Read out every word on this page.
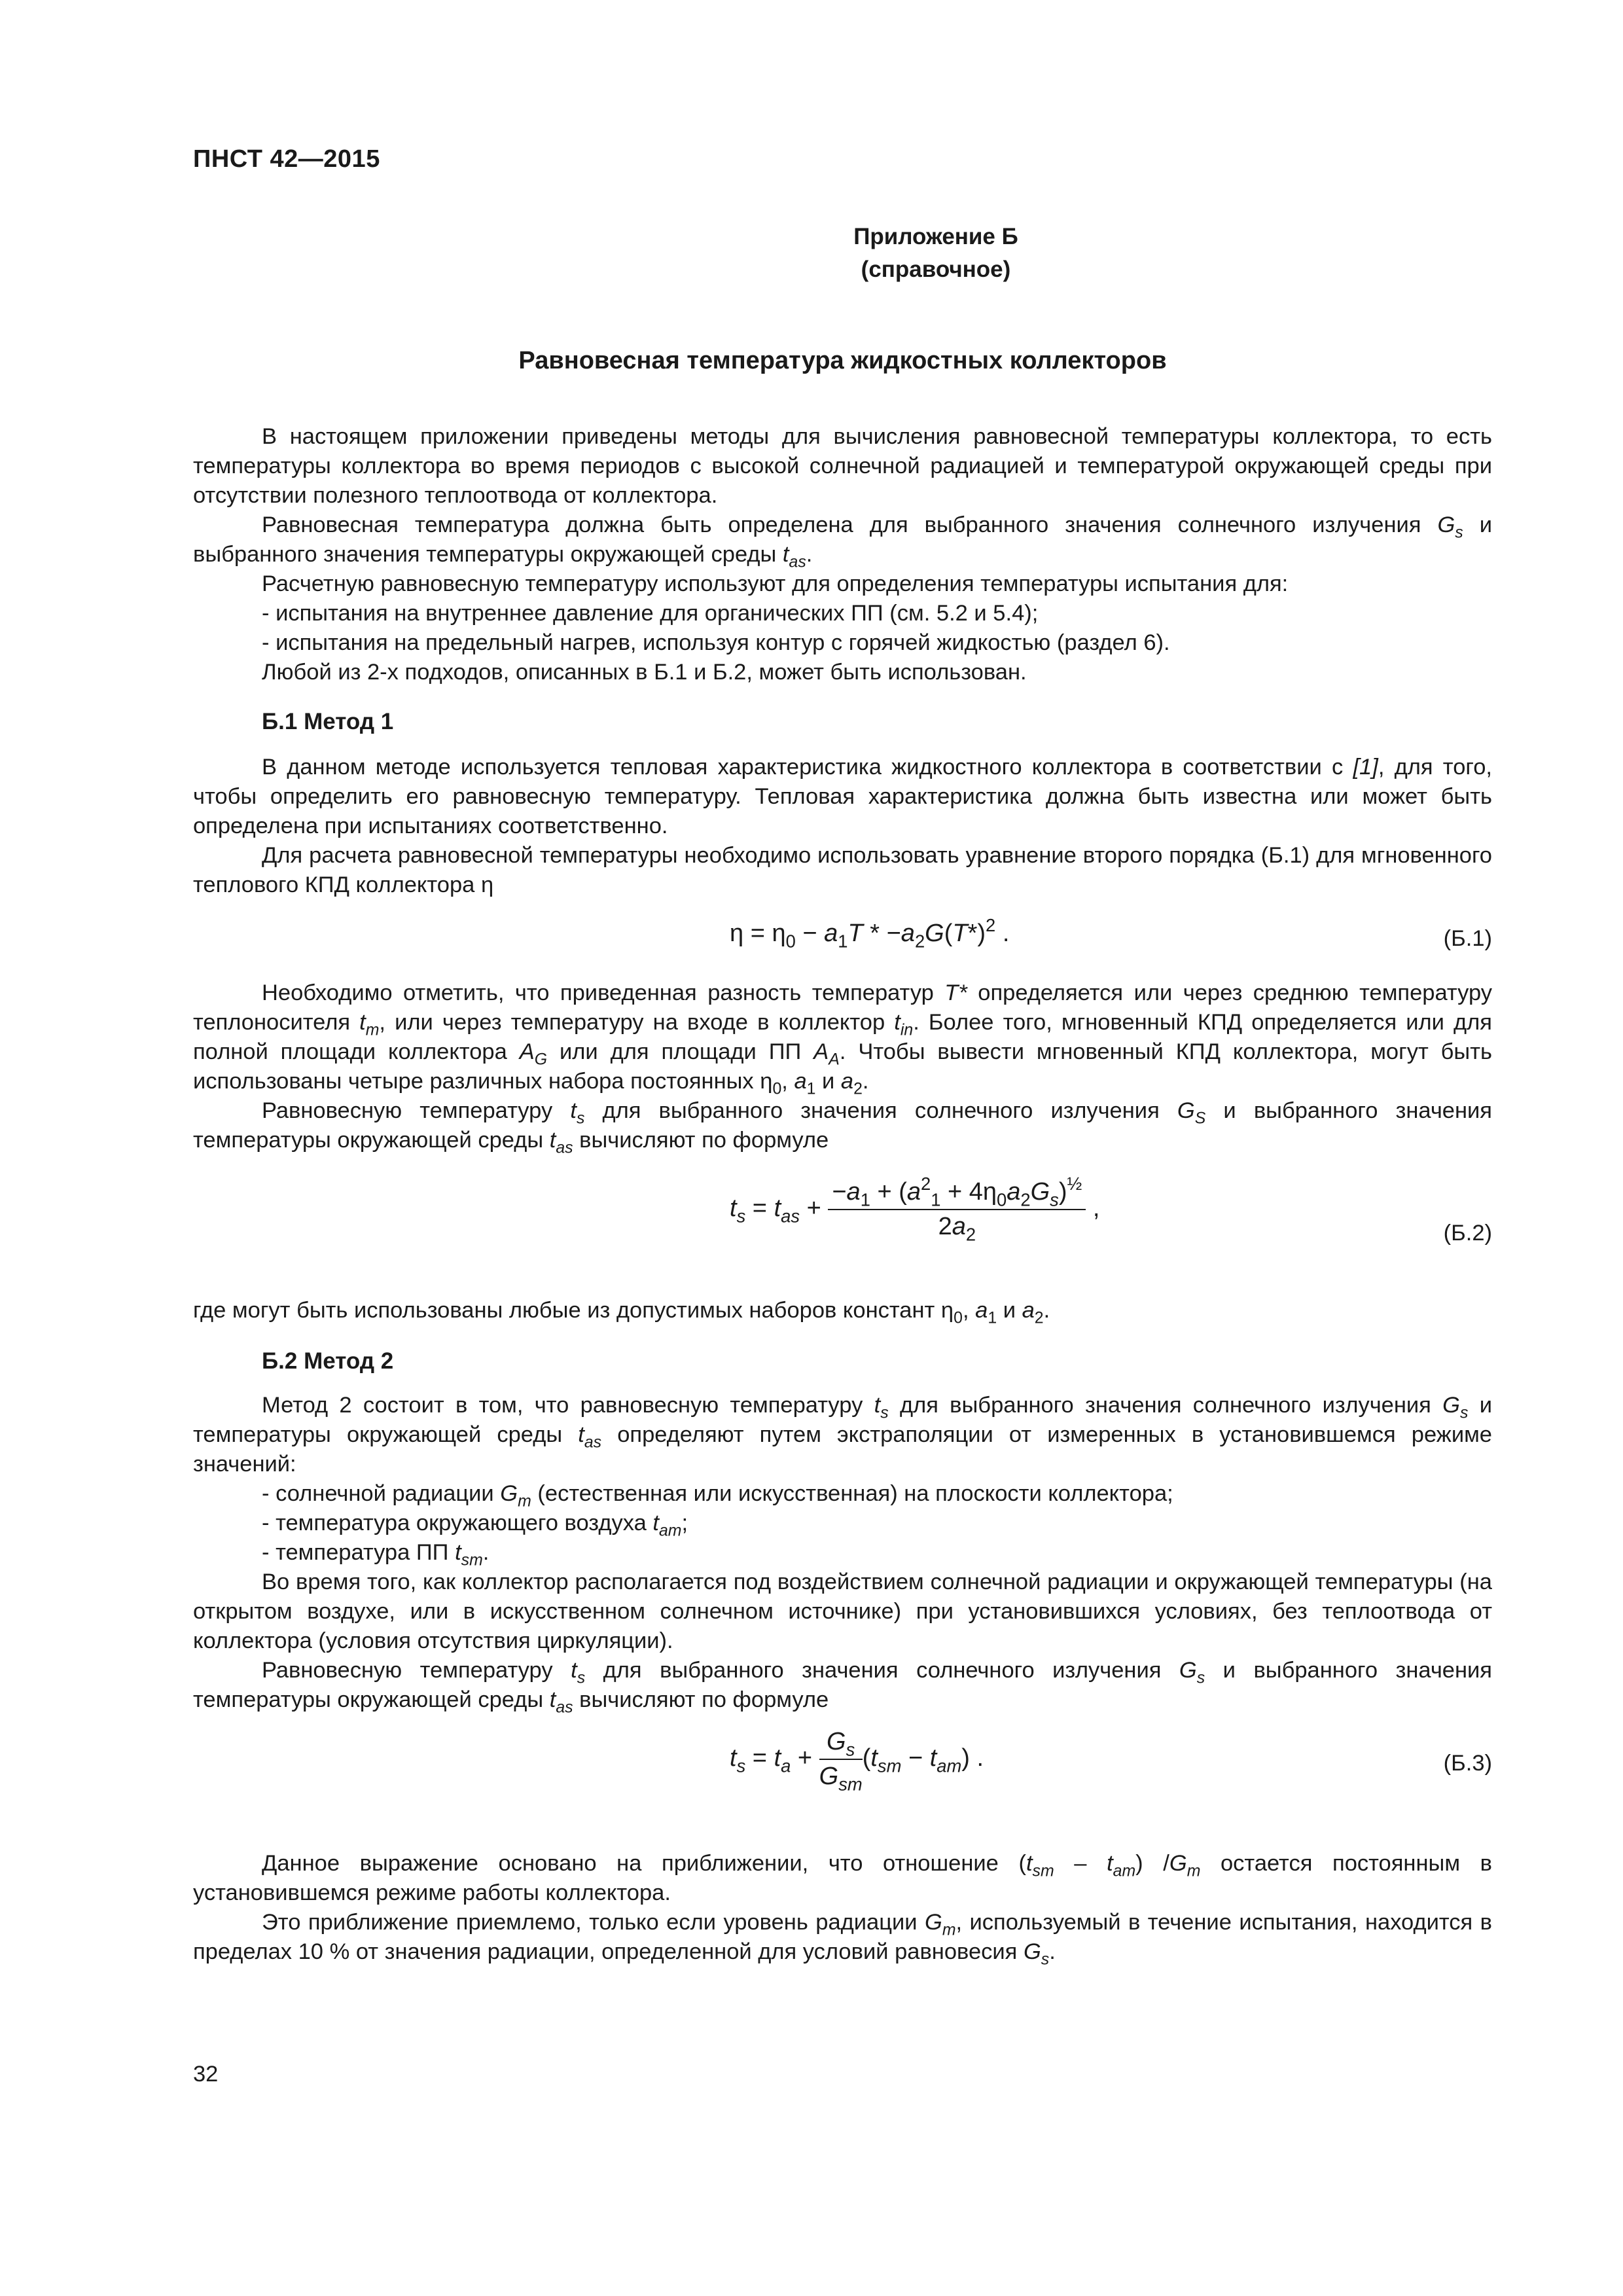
ПНСТ 42—2015
Приложение Б
(справочное)
Равновесная температура жидкостных коллекторов
В настоящем приложении приведены методы для вычисления равновесной температуры коллектора, то есть температуры коллектора во время периодов с высокой солнечной радиацией и температурой окружающей среды при отсутствии полезного теплоотвода от коллектора.
Равновесная температура должна быть определена для выбранного значения солнечного излучения $G_s$ и выбранного значения температуры окружающей среды $t_{as}$.
Расчетную равновесную температуру используют для определения температуры испытания для:
- испытания на внутреннее давление для органических ПП (см. 5.2 и 5.4);
- испытания на предельный нагрев, используя контур с горячей жидкостью (раздел 6).
Любой из 2-х подходов, описанных в Б.1 и Б.2, может быть использован.
Б.1 Метод 1
В данном методе используется тепловая характеристика жидкостного коллектора в соответствии с [1], для того, чтобы определить его равновесную температуру. Тепловая характеристика должна быть известна или может быть определена при испытаниях соответственно.
Для расчета равновесной температуры необходимо использовать уравнение второго порядка (Б.1) для мгновенного теплового КПД коллектора η
$\eta = \eta_0 - a_1T * -a_2G(T*)^2$ .	(Б.1)
Необходимо отметить, что приведенная разность температур T* определяется или через среднюю температуру теплоносителя $t_m$, или через температуру на входе в коллектор $t_{in}$. Более того, мгновенный КПД определяется или для полной площади коллектора $A_G$ или для площади ПП $A_A$. Чтобы вывести мгновенный КПД коллектора, могут быть использованы четыре различных набора постоянных $\eta_0$, $a_1$ и $a_2$.
Равновесную температуру $t_s$ для выбранного значения солнечного излучения $G_S$ и выбранного значения температуры окружающей среды $t_{as}$ вычисляют по формуле
$t_s = t_{as} + \frac{-a_1 + (a^2_1 + 4\eta_0a_2G_s)^{\frac{1}{2}}}{2a_2}$ ,
(Б.2)
где могут быть использованы любые из допустимых наборов констант $\eta_0$, $a_1$ и $a_2$.
Б.2 Метод 2
Метод 2 состоит в том, что равновесную температуру $t_s$ для выбранного значения солнечного излучения $G_s$ и температуры окружающей среды $t_{as}$ определяют путем экстраполяции от измеренных в установившемся режиме значений:
- солнечной радиации $G_m$ (естественная или искусственная) на плоскости коллектора;
- температура окружающего воздуха $t_{am}$;
- температура ПП $t_{sm}$.
Во время того, как коллектор располагается под воздействием солнечной радиации и окружающей температуры (на открытом воздухе, или в искусственном солнечном источнике) при установившихся условиях, без теплоотвода от коллектора (условия отсутствия циркуляции).
Равновесную температуру $t_s$ для выбранного значения солнечного излучения $G_s$ и выбранного значения температуры окружающей среды $t_{as}$ вычисляют по формуле
$t_s = t_a + \frac{G_s}{G_{sm}} (t_{sm} - t_{am})$ .	(Б.3)
Данное выражение основано на приближении, что отношение $(t_{sm} - t_{am})$ $/G_m$ остается постоянным в установившемся режиме работы коллектора.
Это приближение приемлемо, только если уровень радиации $G_m$, используемый в течение испытания, находится в пределах 10 % от значения радиации, определенной для условий равновесия $G_s$.
32
